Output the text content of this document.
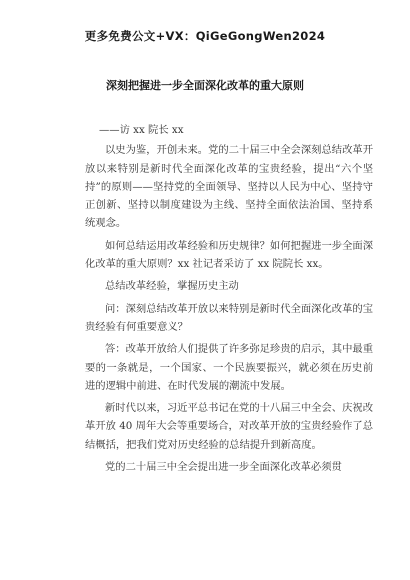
更多免费公文+VX：QiGeGongWen2024
深刻把握进一步全面深化改革的重大原则

——访 xx 院长 xx

以史为鉴，开创未来。党的二十届三中全会深刻总结改革开放以来特别是新时代全面深化改革的宝贵经验，提出“六个坚持”的原则——坚持党的全面领导、坚持以人民为中心、坚持守正创新、坚持以制度建设为主线、坚持全面依法治国、坚持系统观念。

如何总结运用改革经验和历史规律？如何把握进一步全面深化改革的重大原则？xx 社记者采访了 xx 院院长 xx。

总结改革经验，掌握历史主动

问：深刻总结改革开放以来特别是新时代全面深化改革的宝贵经验有何重要意义？

答：改革开放给人们提供了许多弥足珍贵的启示，其中最重要的一条就是，一个国家、一个民族要振兴，就必须在历史前进的逻辑中前进、在时代发展的潮流中发展。

新时代以来，习近平总书记在党的十八届三中全会、庆祝改革开放 40 周年大会等重要场合，对改革开放的宝贵经验作了总结概括，把我们党对历史经验的总结提升到新高度。

党的二十届三中全会提出进一步全面深化改革必须贯
